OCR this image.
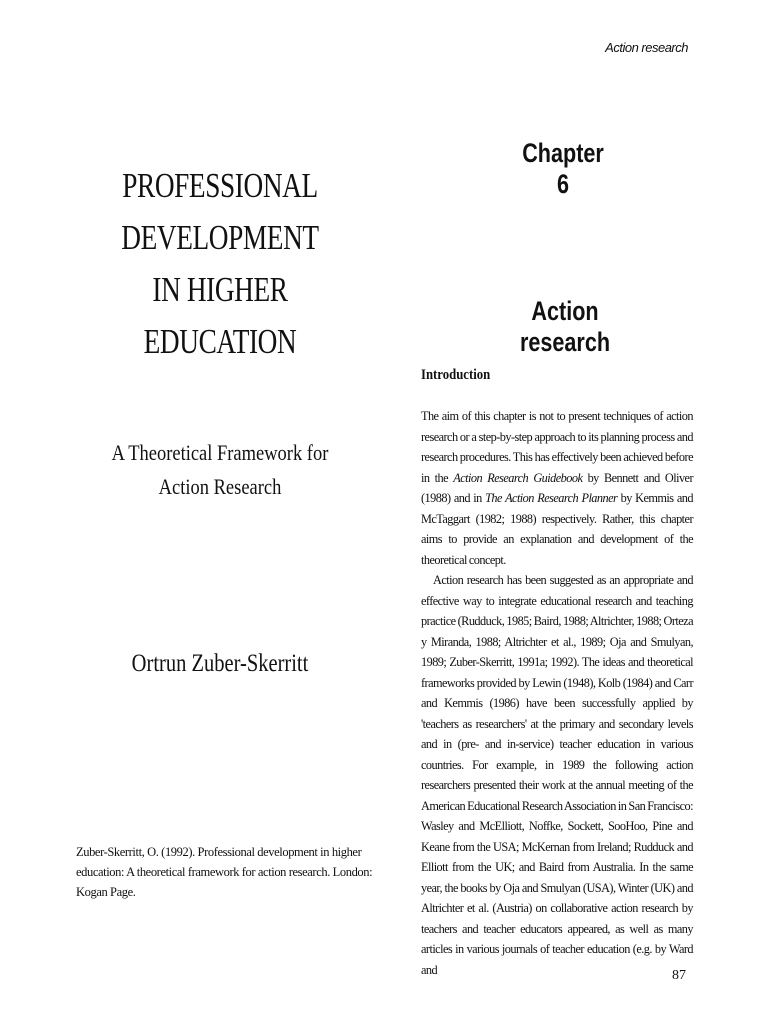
Action research
PROFESSIONAL
DEVELOPMENT
IN HIGHER
EDUCATION
A Theoretical Framework for
Action Research
Ortrun Zuber-Skerritt
Zuber-Skerritt, O. (1992). Professional development in higher education: A theoretical framework for action research. London: Kogan Page.
Chapter 6
Action research
Introduction

The aim of this chapter is not to present techniques of action research or a step-by-step approach to its planning process and research procedures. This has effectively been achieved before in the Action Research Guidebook by Bennett and Oliver (1988) and in The Action Research Planner by Kemmis and McTaggart (1982; 1988) respectively. Rather, this chapter aims to provide an explanation and development of the theoretical concept.

Action research has been suggested as an appropriate and effective way to integrate educational research and teaching practice (Rudduck, 1985; Baird, 1988; Altrichter, 1988; Orteza y Miranda, 1988; Altrichter et al., 1989; Oja and Smulyan, 1989; Zuber-Skerritt, 1991a; 1992). The ideas and theoretical frameworks provided by Lewin (1948), Kolb (1984) and Carr and Kemmis (1986) have been successfully applied by 'teachers as researchers' at the primary and secondary levels and in (pre- and in-service) teacher education in various countries. For example, in 1989 the following action researchers presented their work at the annual meeting of the American Educational Research Association in San Francisco: Wasley and McElliott, Noffke, Sockett, SooHoo, Pine and Keane from the USA; McKernan from Ireland; Rudduck and Elliott from the UK; and Baird from Australia. In the same year, the books by Oja and Smulyan (USA), Winter (UK) and Altrichter et al. (Austria) on collaborative action research by teachers and teacher educators appeared, as well as many articles in various journals of teacher education (e.g. by Ward and	87
